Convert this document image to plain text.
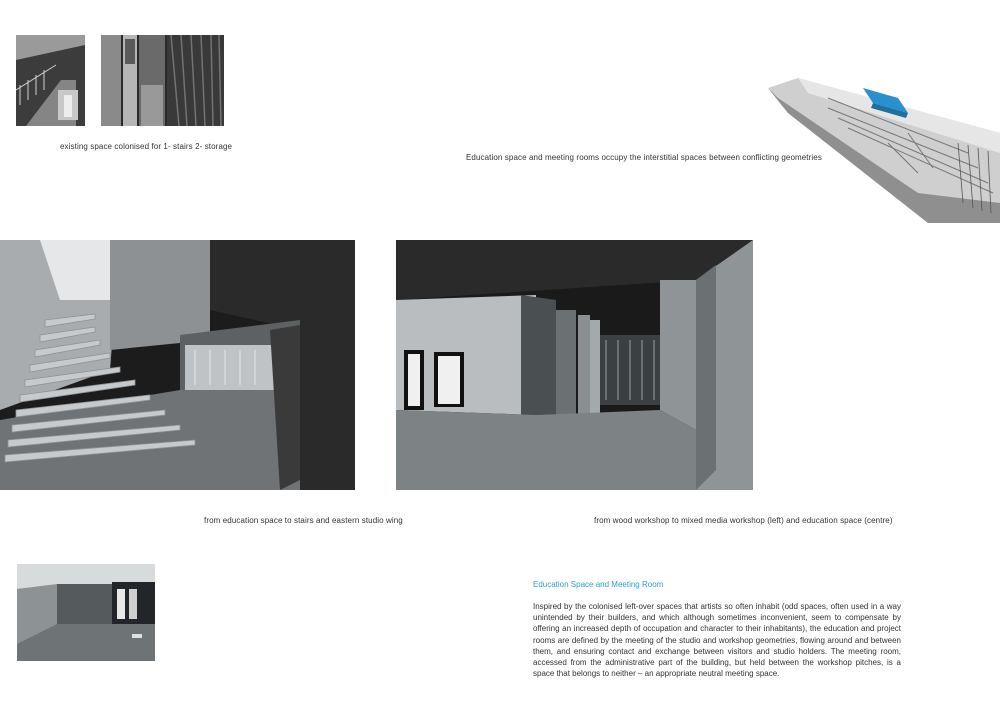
existing space colonised for 1- stairs 2- storage
Education space and meeting rooms occupy the interstitial spaces between conflicting geometries
from education space to stairs and eastern studio wing	from wood workshop to mixed media workshop (left) and education space (centre)
Education Space and Meeting Room
Inspired by the colonised left-over spaces that artists so often inhabit (odd spaces, often used in a way unintended by their builders, and which although sometimes inconvenient, seem to compensate by offering an increased depth of occupation and character to their inhabitants), the education and project rooms are defined by the meeting of the studio and workshop geometries, flowing around and between them, and ensuring contact and exchange between visitors and studio holders. The meeting room, accessed from the administrative part of the building, but held between the workshop pitches, is a space that belongs to neither – an appropriate neutral meeting space.
